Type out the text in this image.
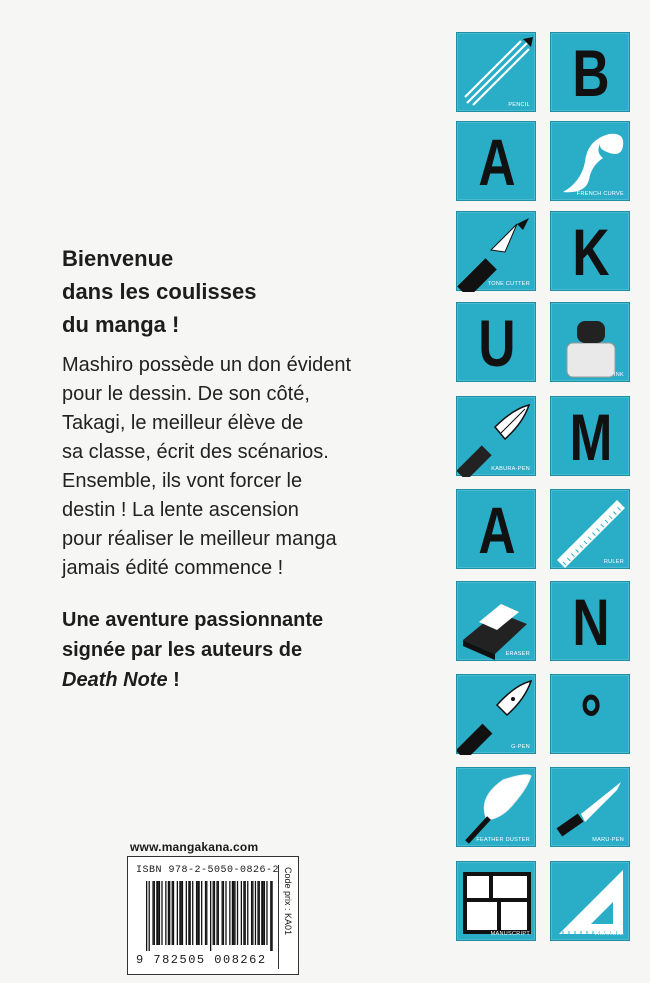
Bienvenue
dans les coulisses
du manga !
Mashiro possède un don évident
pour le dessin. De son côté,
Takagi, le meilleur élève de
sa classe, écrit des scénarios.
Ensemble, ils vont forcer le
destin ! La lente ascension
pour réaliser le meilleur manga
jamais édité commence !
Une aventure passionnante
signée par les auteurs de
Death Note !
www.mangakana.com
ISBN 978-2-5050-0826-2
9 782505 008262
Code prix : KA01
PENCIL
A
TONE CUTTER
U
KABURA-PEN
A
ERASER
G-PEN
FEATHER DUSTER
MANUSCRIPT
B
FRENCH CURVE
K
INK
M
RULER
N
°
MARU-PEN
TRIANGLE
